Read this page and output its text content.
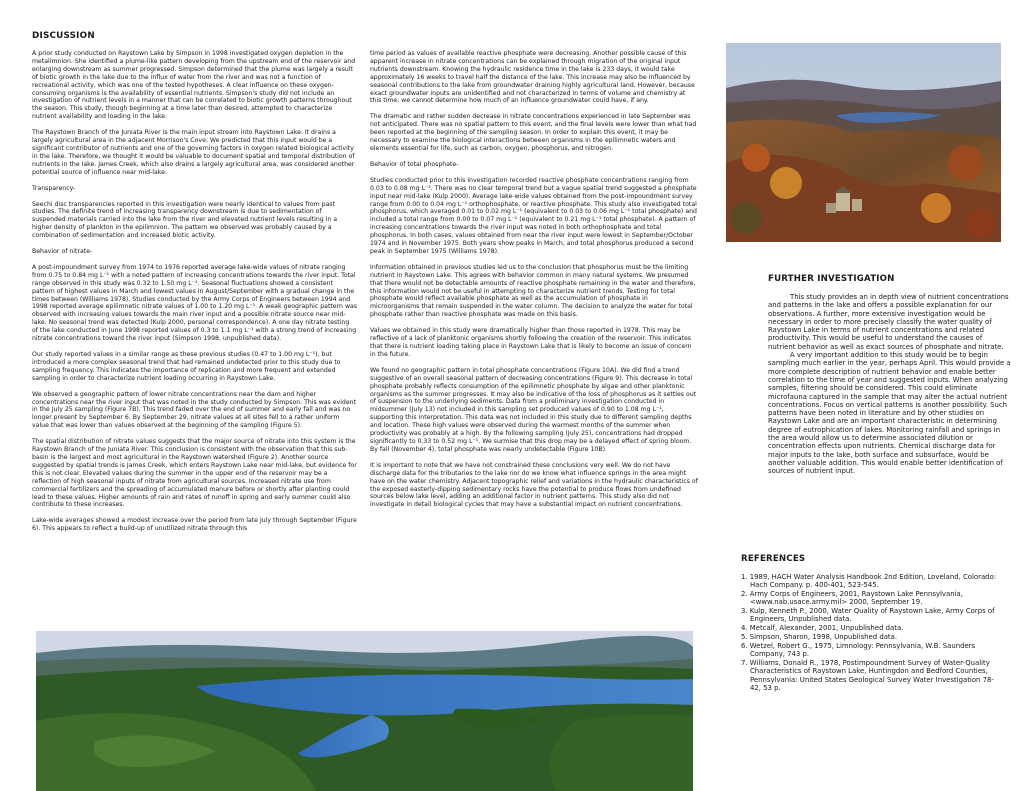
DISCUSSION

A prior study conducted on Raystown Lake by Simpson in 1998 investigated oxygen depletion in the metalimnion. She identified a plume-like pattern developing from the upstream end of the reservoir and enlarging downstream as summer progressed. Simpson determined that the plume was largely a result of biotic growth in the lake due to the influx of water from the river and was not a function of recreational activity, which was one of the tested hypotheses. A clear influence on these oxygen-consuming organisms is the availability of essential nutrients. Simpson's study did not include an investigation of nutrient levels in a manner that can be correlated to biotic growth patterns throughout the season. This study, though beginning at a time later than desired, attempted to characterize nutrient availability and loading in the lake.

The Raystown Branch of the Juniata River is the main input stream into Raystown Lake. It drains a largely agricultural area in the adjacent Morrison's Cove. We predicted that this input would be a significant contributor of nutrients and one of the governing factors in oxygen related biological activity in the lake. Therefore, we thought it would be valuable to document spatial and temporal distribution of nutrients in the lake. James Creek, which also drains a largely agricultural area, was considered another potential source of influence near mid-lake.

Transparency-

Seechi disc transparencies reported in this investigation were nearly identical to values from past studies. The definite trend of increasing transparency downstream is due to sedimentation of suspended materials carried into the lake from the river and elevated nutrient levels resulting in a higher density of plankton in the epilimnion. The pattern we observed was probably caused by a combination of sedimentation and increased biotic activity.

Behavior of nitrate-

A post-impoundment survey from 1974 to 1976 reported average lake-wide values of nitrate ranging from 0.75 to 0.84 mg L⁻¹ with a noted pattern of increasing concentrations towards the river input. Total range observed in this study was 0.32 to 1.50 mg L⁻¹. Seasonal fluctuations showed a consistent pattern of highest values in March and lowest values in August/September with a gradual change in the times between (Williams 1978). Studies conducted by the Army Corps of Engineers between 1994 and 1998 reported average epilimnetic nitrate values of 1.00 to 1.20 mg L⁻¹. A weak geographic pattern was observed with increasing values towards the main river input and a possible nitrate source near mid-lake. No seasonal trend was detected (Kulp 2000, personal correspondence). A one day nitrate testing of the lake conducted in June 1998 reported values of 0.3 to 1.1 mg L⁻¹ with a strong trend of increasing nitrate concentrations toward the river input (Simpson 1998, unpublished data).

Our study reported values in a similar range as these previous studies (0.47 to 1.00 mg L⁻¹), but introduced a more complex seasonal trend that had remained undetected prior to this study due to sampling frequency. This indicates the importance of replication and more frequent and extended sampling in order to characterize nutrient loading occurring in Raystown Lake.

We observed a geographic pattern of lower nitrate concentrations near the dam and higher concentrations near the river input that was noted in the study conducted by Simpson. This was evident in the July 25 sampling (Figure 7B). This trend faded over the end of summer and early fall and was no longer present by September 6. By September 29, nitrate values at all sites fell to a rather uniform value that was lower than values observed at the beginning of the sampling (Figure 5).

The spatial distribution of nitrate values suggests that the major source of nitrate into this system is the Raystown Branch of the Juniata River. This conclusion is consistent with the observation that this sub-basin is the largest and most agricultural in the Raystown watershed (Figure 2). Another source suggested by spatial trends is James Creek, which enters Raystown Lake near mid-lake, but evidence for this is not clear. Elevated values during the summer in the upper end of the reservoir may be a reflection of high seasonal inputs of nitrate from agricultural sources. Increased nitrate use from commercial fertilizers and the spreading of accumulated manure before or shortly after planting could lead to these values. Higher amounts of rain and rates of runoff in spring and early summer could also contribute to these increases.

Lake-wide averages showed a modest increase over the period from late July through September (Figure 6). This appears to reflect a build-up of unutilized nitrate through this

time period as values of available reactive phosphate were decreasing. Another possible cause of this apparent increase in nitrate concentrations can be explained through migration of the original input nutrients downstream. Knowing the hydraulic residence time in the lake is 233 days, it would take approximately 16 weeks to travel half the distance of the lake. This increase may also be influenced by seasonal contributions to the lake from groundwater draining highly agricultural land. However, because exact groundwater inputs are unidentified and not characterized in terms of volume and chemistry at this time, we cannot determine how much of an influence groundwater could have, if any.

The dramatic and rather sudden decrease in nitrate concentrations experienced in late September was not anticipated. There was no spatial pattern to this event, and the final levels were lower than what had been reported at the beginning of the sampling season. In order to explain this event, it may be necessary to examine the biological interactions between organisms in the epilimnetic waters and elements essential for life, such as carbon, oxygen, phosphorus, and nitrogen.

Behavior of total phosphate-

Studies conducted prior to this investigation recorded reactive phosphate concentrations ranging from 0.03 to 0.08 mg L⁻¹. There was no clear temporal trend but a vague spatial trend suggested a phosphate input near mid-lake (Kulp 2000). Average lake-wide values obtained from the post-impoundment survey range from 0.00 to 0.04 mg L⁻¹ orthophosphate, or reactive phosphate. This study also investigated total phosphorus, which averaged 0.01 to 0.02 mg L⁻¹ (equivalent to 0.03 to 0.06 mg L⁻¹ total phosphate) and included a total range from 0.00 to 0.07 mg L⁻¹ (equivalent to 0.21 mg L⁻¹ total phosphate). A pattern of increasing concentrations towards the river input was noted in both orthophosphate and total phosphorus. In both cases, values obtained from near the river input were lowest in September/October 1974 and in November 1975. Both years show peaks in March, and total phosphorus produced a second peak in September 1975 (Williams 1978).

Information obtained in previous studies led us to the conclusion that phosphorus must be the limiting nutrient in Raystown Lake. This agrees with behavior common in many natural systems. We presumed that there would not be detectable amounts of reactive phosphate remaining in the water and therefore, this information would not be useful in attempting to characterize nutrient trends. Testing for total phosphate would reflect available phosphate as well as the accumulation of phosphate in microorganisms that remain suspended in the water column. The decision to analyze the water for total phosphate rather than reactive phosphate was made on this basis.

Values we obtained in this study were dramatically higher than those reported in 1978. This may be reflective of a lack of planktonic organisms shortly following the creation of the reservoir. This indicates that there is nutrient loading taking place in Raystown Lake that is likely to become an issue of concern in the future.

We found no geographic pattern in total phosphate concentrations (Figure 10A). We did find a trend suggestive of an overall seasonal pattern of decreasing concentrations (Figure 9). This decrease in total phosphate probably reflects consumption of the epilimnetic phosphate by algae and other planktonic organisms as the summer progresses. It may also be indicative of the loss of phosphorus as it settles out of suspension to the underlying sediments. Data from a preliminary investigation conducted in midsummer (July 13) not included in this sampling set produced values of 0.90 to 1.08 mg L⁻¹, supporting this interpretation. This data was not included in this study due to different sampling depths and location. These high values were observed during the warmest months of the summer when productivity was probably at a high. By the following sampling (July 25), concentrations had dropped significantly to 0.33 to 0.52 mg L⁻¹. We surmise that this drop may be a delayed effect of spring bloom. By fall (November 4), total phosphate was nearly undetectable (Figure 10B).

It is important to note that we have not constrained these conclusions very well. We do not have discharge data for the tributaries to the lake nor do we know what influence springs in the area might have on the water chemistry. Adjacent topographic relief and variations in the hydraulic characteristics of the exposed easterly-dipping sedimentary rocks have the potential to produce flows from undefined sources below lake level, adding an additional factor in nutrient patterns. This study also did not investigate in detail biological cycles that may have a substantial impact on nutrient concentrations.

FURTHER INVESTIGATION

This study provides an in depth view of nutrient concentrations and patterns in the lake and offers a possible explanation for our observations. A further, more extensive investigation would be necessary in order to more precisely classify the water quality of Raystown Lake in terms of nutrient concentrations and related productivity. This would be useful to understand the causes of nutrient behavior as well as exact sources of phosphate and nitrate.

A very important addition to this study would be to begin sampling much earlier in the year, perhaps April. This would provide a more complete description of nutrient behavior and enable better correlation to the time of year and suggested inputs. When analyzing samples, filtering should be considered. This could eliminate microfauna captured in the sample that may alter the actual nutrient concentrations. Focus on vertical patterns is another possibility. Such patterns have been noted in literature and by other studies on Raystown Lake and are an important characteristic in determining degree of eutrophication of lakes. Monitoring rainfall and springs in the area would allow us to determine associated dilution or concentration effects upon nutrients. Chemical discharge data for major inputs to the lake, both surface and subsurface, would be another valuable addition. This would enable better identification of sources of nutrient input.

REFERENCES
1. 1989, HACH Water Analysis Handbook 2nd Edition, Loveland, Colorado: Hach Company. p. 400-401, 523-545.
2. Army Corps of Engineers, 2001, Raystown Lake Pennsylvania, <www.nab.usace.army.mil> 2000, September 19.
3. Kulp, Kenneth P., 2000, Water Quality of Raystown Lake, Army Corps of Engineers, Unpublished data.
4. Metcalf, Alexander, 2001, Unpublished data.
5. Simpson, Sharon, 1998, Unpublished data.
6. Wetzel, Robert G., 1975, Limnology: Pennsylvania, W.B. Saunders Company, 743 p.
7. Williams, Donald R., 1978, Postimpoundment Survey of Water-Quality Characteristics of Raystown Lake, Huntingdon and Bedford Counties, Pennsylvania: United States Geological Survey Water Investigation 78-42, 53 p.
